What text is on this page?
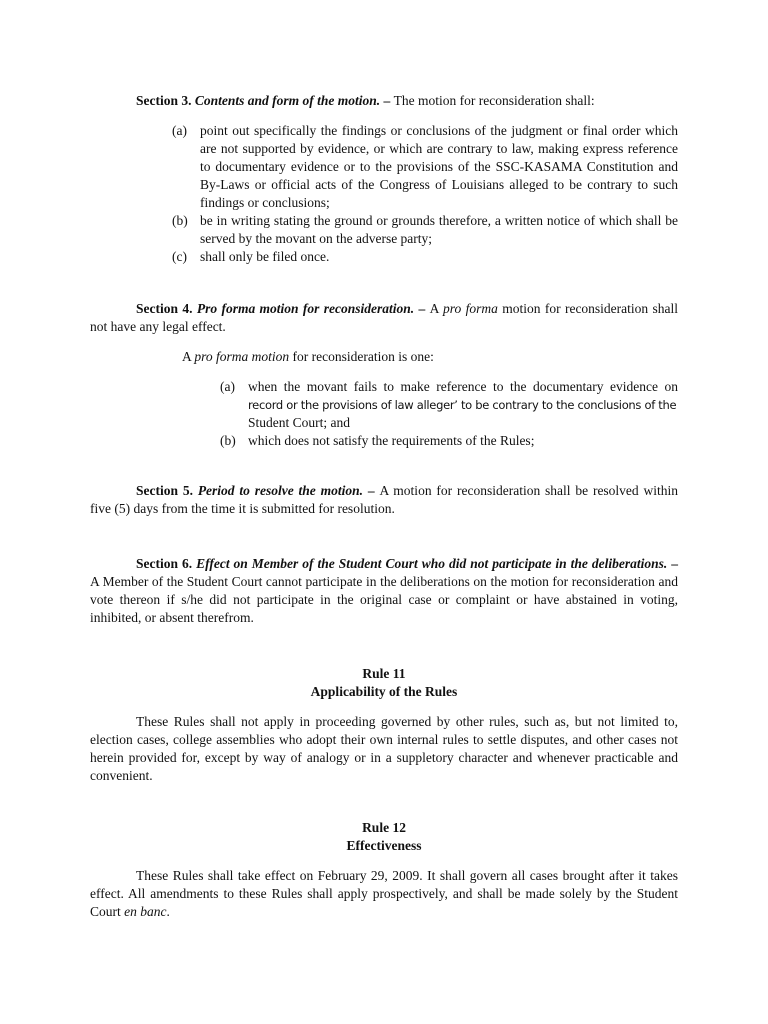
Section 3. Contents and form of the motion. – The motion for reconsideration shall:

(a) point out specifically the findings or conclusions of the judgment or final order which are not supported by evidence, or which are contrary to law, making express reference to documentary evidence or to the provisions of the SSC-KASAMA Constitution and By-Laws or official acts of the Congress of Louisians alleged to be contrary to such findings or conclusions;
(b) be in writing stating the ground or grounds therefore, a written notice of which shall be served by the movant on the adverse party;
(c) shall only be filed once.

Section 4. Pro forma motion for reconsideration. – A pro forma motion for reconsideration shall not have any legal effect.

A pro forma motion for reconsideration is one:

(a) when the movant fails to make reference to the documentary evidence on
record or the provisions of law alleger’ to be contrary to the conclusions of the
Student Court; and
(b) which does not satisfy the requirements of the Rules;

Section 5. Period to resolve the motion. – A motion for reconsideration shall be resolved within five (5) days from the time it is submitted for resolution.

Section 6. Effect on Member of the Student Court who did not participate in the deliberations. – A Member of the Student Court cannot participate in the deliberations on the motion for reconsideration and vote thereon if s/he did not participate in the original case or complaint or have abstained in voting, inhibited, or absent therefrom.

Rule 11

Applicability of the Rules

These Rules shall not apply in proceeding governed by other rules, such as, but not limited to, election cases, college assemblies who adopt their own internal rules to settle disputes, and other cases not herein provided for, except by way of analogy or in a suppletory character and whenever practicable and convenient.

Rule 12

Effectiveness

These Rules shall take effect on February 29, 2009. It shall govern all cases brought after it takes effect. All amendments to these Rules shall apply prospectively, and shall be made solely by the Student Court en banc.
